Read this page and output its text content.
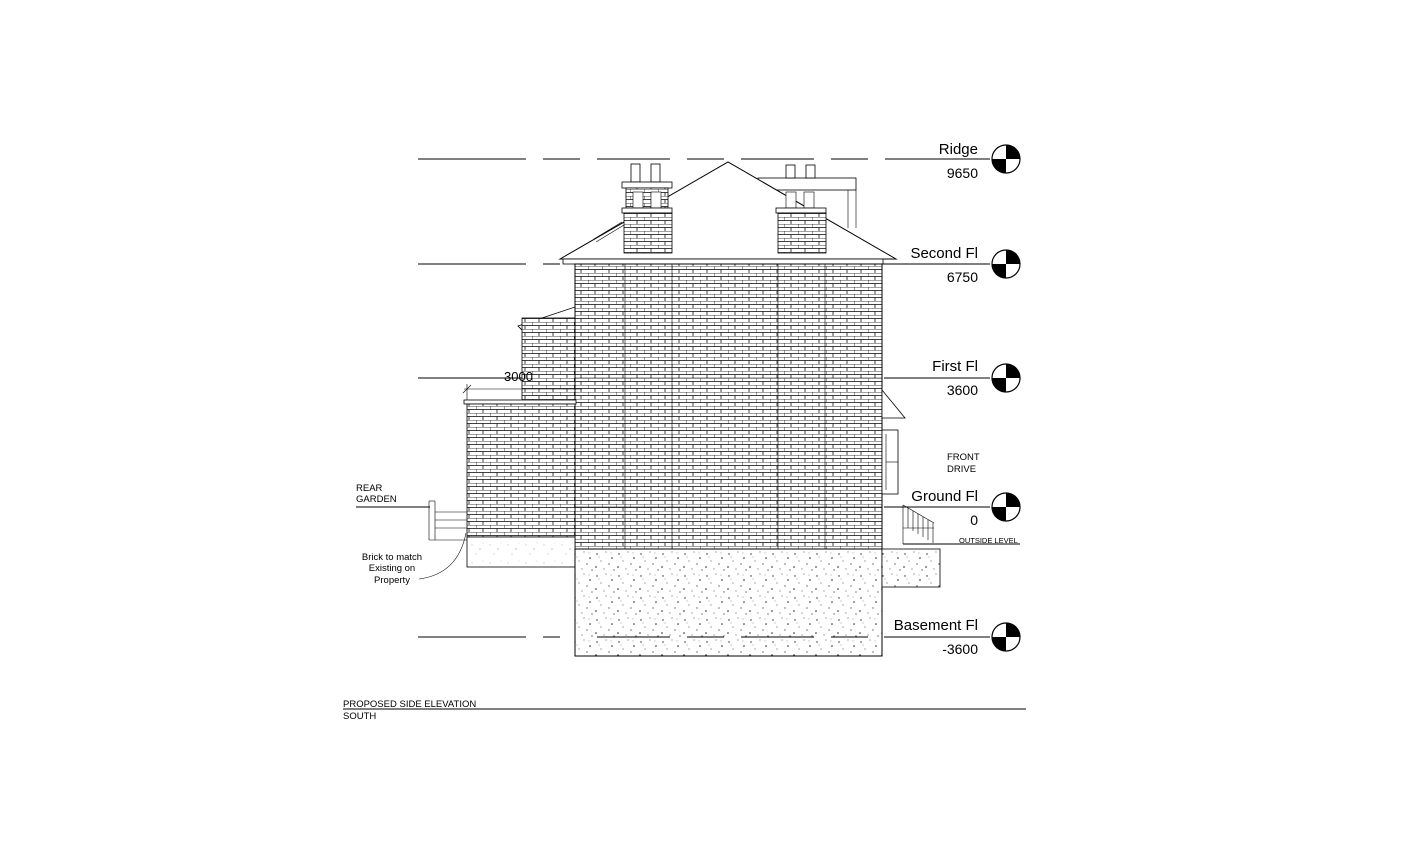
Ridge
9650
Second Fl
6750
First Fl
3600
Ground Fl
0
Basement Fl
-3600
3000
REAR
GARDEN
FRONT
DRIVE
OUTSIDE LEVEL
Brick to match
Existing on
Property
PROPOSED SIDE ELEVATION
SOUTH
